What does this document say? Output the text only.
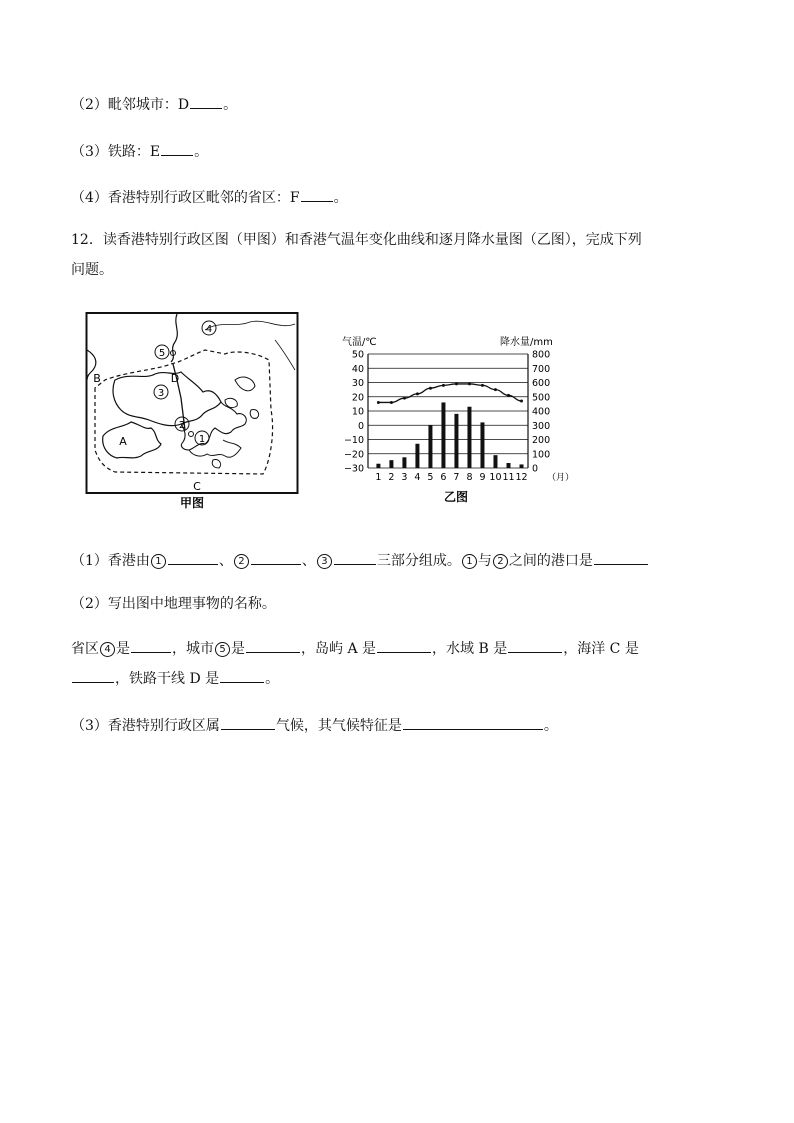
（2）毗邻城市：D 。
（3）铁路：E 。
（4）香港特别行政区毗邻的省区：F 。
12．读香港特别行政区图（甲图）和香港气温年变化曲线和逐月降水量图（乙图），完成下列
问题。
4
5
3
2
1
B	D
A
C
甲图
气温/℃	降水量/mm
50
40
30
20
10
0
−10
−20
−30
800
700
600
500
400
300
200
100
0
1 2 3 4 5 6 7 8 9 10 11 12 （月）
乙图
（1）香港由 1	、 2	、 3	三部分组成。 1 与 2 之间的港口是
（2）写出图中地理事物的名称。
省区 4 是	，城市 5 是	，岛屿 A 是	，水域 B 是	，海洋 C 是
，铁路干线 D 是	。
（3）香港特别行政区属	气候，其气候特征是	。
